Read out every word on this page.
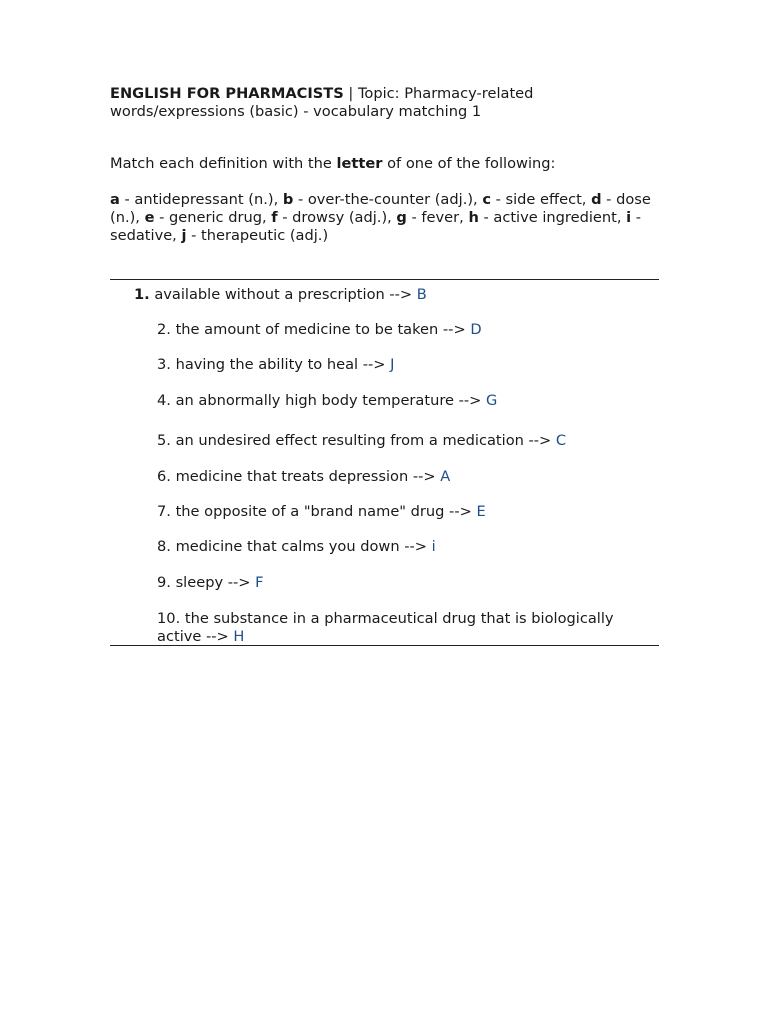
ENGLISH FOR PHARMACISTS | Topic: Pharmacy-related words/expressions (basic) - vocabulary matching 1

Match each definition with the letter of one of the following:
a - antidepressant (n.), b - over-the-counter (adj.), c - side effect, d - dose (n.), e - generic drug, f - drowsy (adj.), g - fever, h - active ingredient, i - sedative, j - therapeutic (adj.)
1. available without a prescription --> B
2. the amount of medicine to be taken --> D
3. having the ability to heal --> J
4. an abnormally high body temperature --> G
5. an undesired effect resulting from a medication --> C
6. medicine that treats depression --> A
7. the opposite of a "brand name" drug --> E
8. medicine that calms you down --> i
9. sleepy --> F
10. the substance in a pharmaceutical drug that is biologically active --> H
